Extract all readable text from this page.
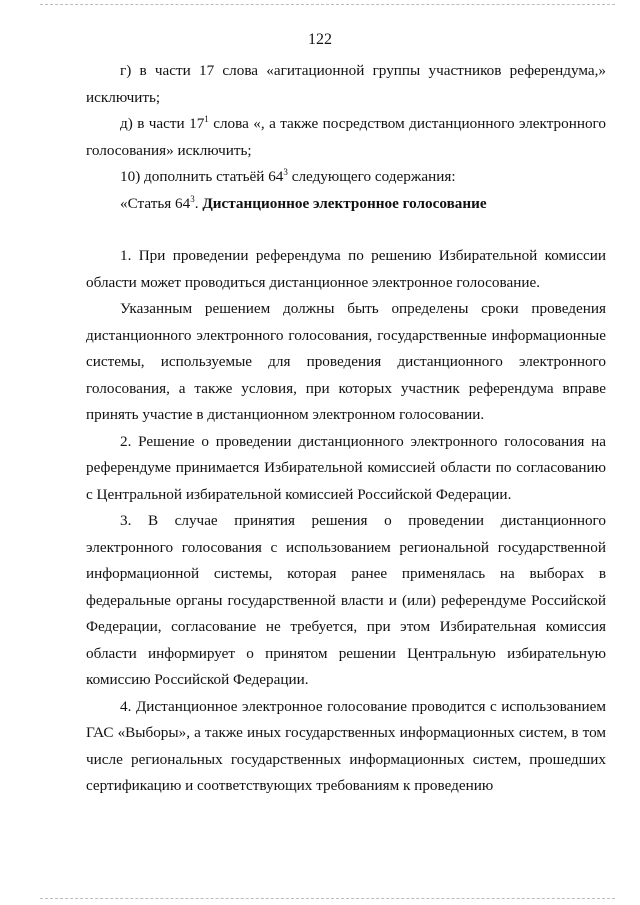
122

г) в части 17 слова «агитационной группы участников референдума,» исключить;

д) в части $17^1$ слова «, а также посредством дистанционного электронного голосования» исключить;

10) дополнить статьёй $64^3$ следующего содержания:

«Статья $64^3$. Дистанционное электронное голосование

1. При проведении референдума по решению Избирательной комиссии области может проводиться дистанционное электронное голосование.

Указанным решением должны быть определены сроки проведения дистанционного электронного голосования, государственные информационные системы, используемые для проведения дистанционного электронного голосования, а также условия, при которых участник референдума вправе принять участие в дистанционном электронном голосовании.

2. Решение о проведении дистанционного электронного голосования на референдуме принимается Избирательной комиссией области по согласованию с Центральной избирательной комиссией Российской Федерации.

3. В случае принятия решения о проведении дистанционного электронного голосования с использованием региональной государственной информационной системы, которая ранее применялась на выборах в федеральные органы государственной власти и (или) референдуме Российской Федерации, согласование не требуется, при этом Избирательная комиссия области информирует о принятом решении Центральную избирательную комиссию Российской Федерации.

4. Дистанционное электронное голосование проводится с использованием ГАС «Выборы», а также иных государственных информационных систем, в том числе региональных государственных информационных систем, прошедших сертификацию и соответствующих требованиям к проведению
